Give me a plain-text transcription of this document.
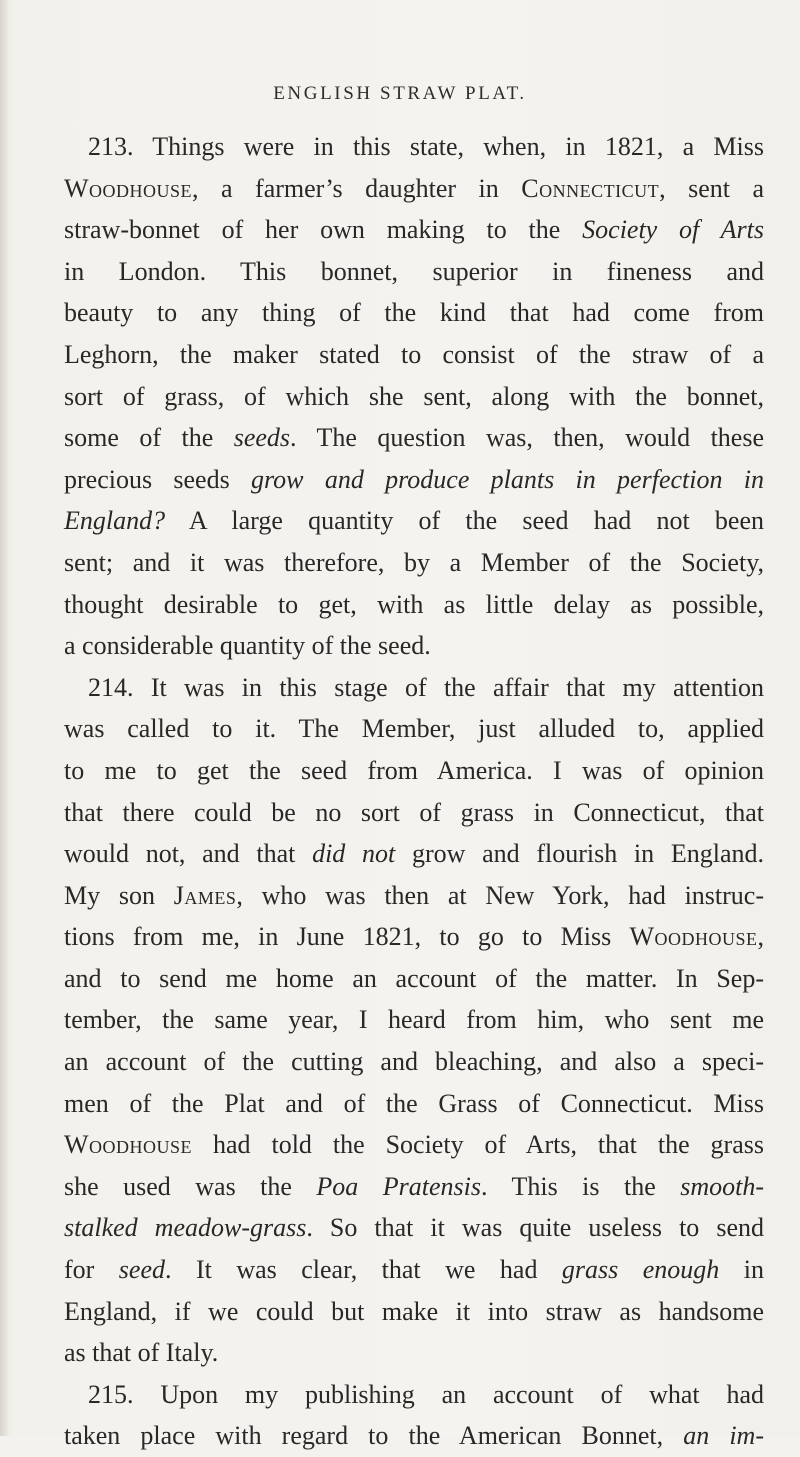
ENGLISH STRAW PLAT.
213. Things were in this state, when, in 1821, a Miss
Woodhouse, a farmer’s daughter in Connecticut, sent a
straw-bonnet of her own making to the Society of Arts
in London. This bonnet, superior in fineness and
beauty to any thing of the kind that had come from
Leghorn, the maker stated to consist of the straw of a
sort of grass, of which she sent, along with the bonnet,
some of the seeds. The question was, then, would these
precious seeds grow and produce plants in perfection in
England? A large quantity of the seed had not been
sent; and it was therefore, by a Member of the Society,
thought desirable to get, with as little delay as possible,
a considerable quantity of the seed.
214. It was in this stage of the affair that my attention
was called to it. The Member, just alluded to, applied
to me to get the seed from America. I was of opinion
that there could be no sort of grass in Connecticut, that
would not, and that did not grow and flourish in England.
My son James, who was then at New York, had instruc-
tions from me, in June 1821, to go to Miss Woodhouse,
and to send me home an account of the matter. In Sep-
tember, the same year, I heard from him, who sent me
an account of the cutting and bleaching, and also a speci-
men of the Plat and of the Grass of Connecticut. Miss
Woodhouse had told the Society of Arts, that the grass
she used was the Poa Pratensis. This is the smooth-
stalked meadow-grass. So that it was quite useless to send
for seed. It was clear, that we had grass enough in
England, if we could but make it into straw as handsome
as that of Italy.
215. Upon my publishing an account of what had
taken place with regard to the American Bonnet, an im-
